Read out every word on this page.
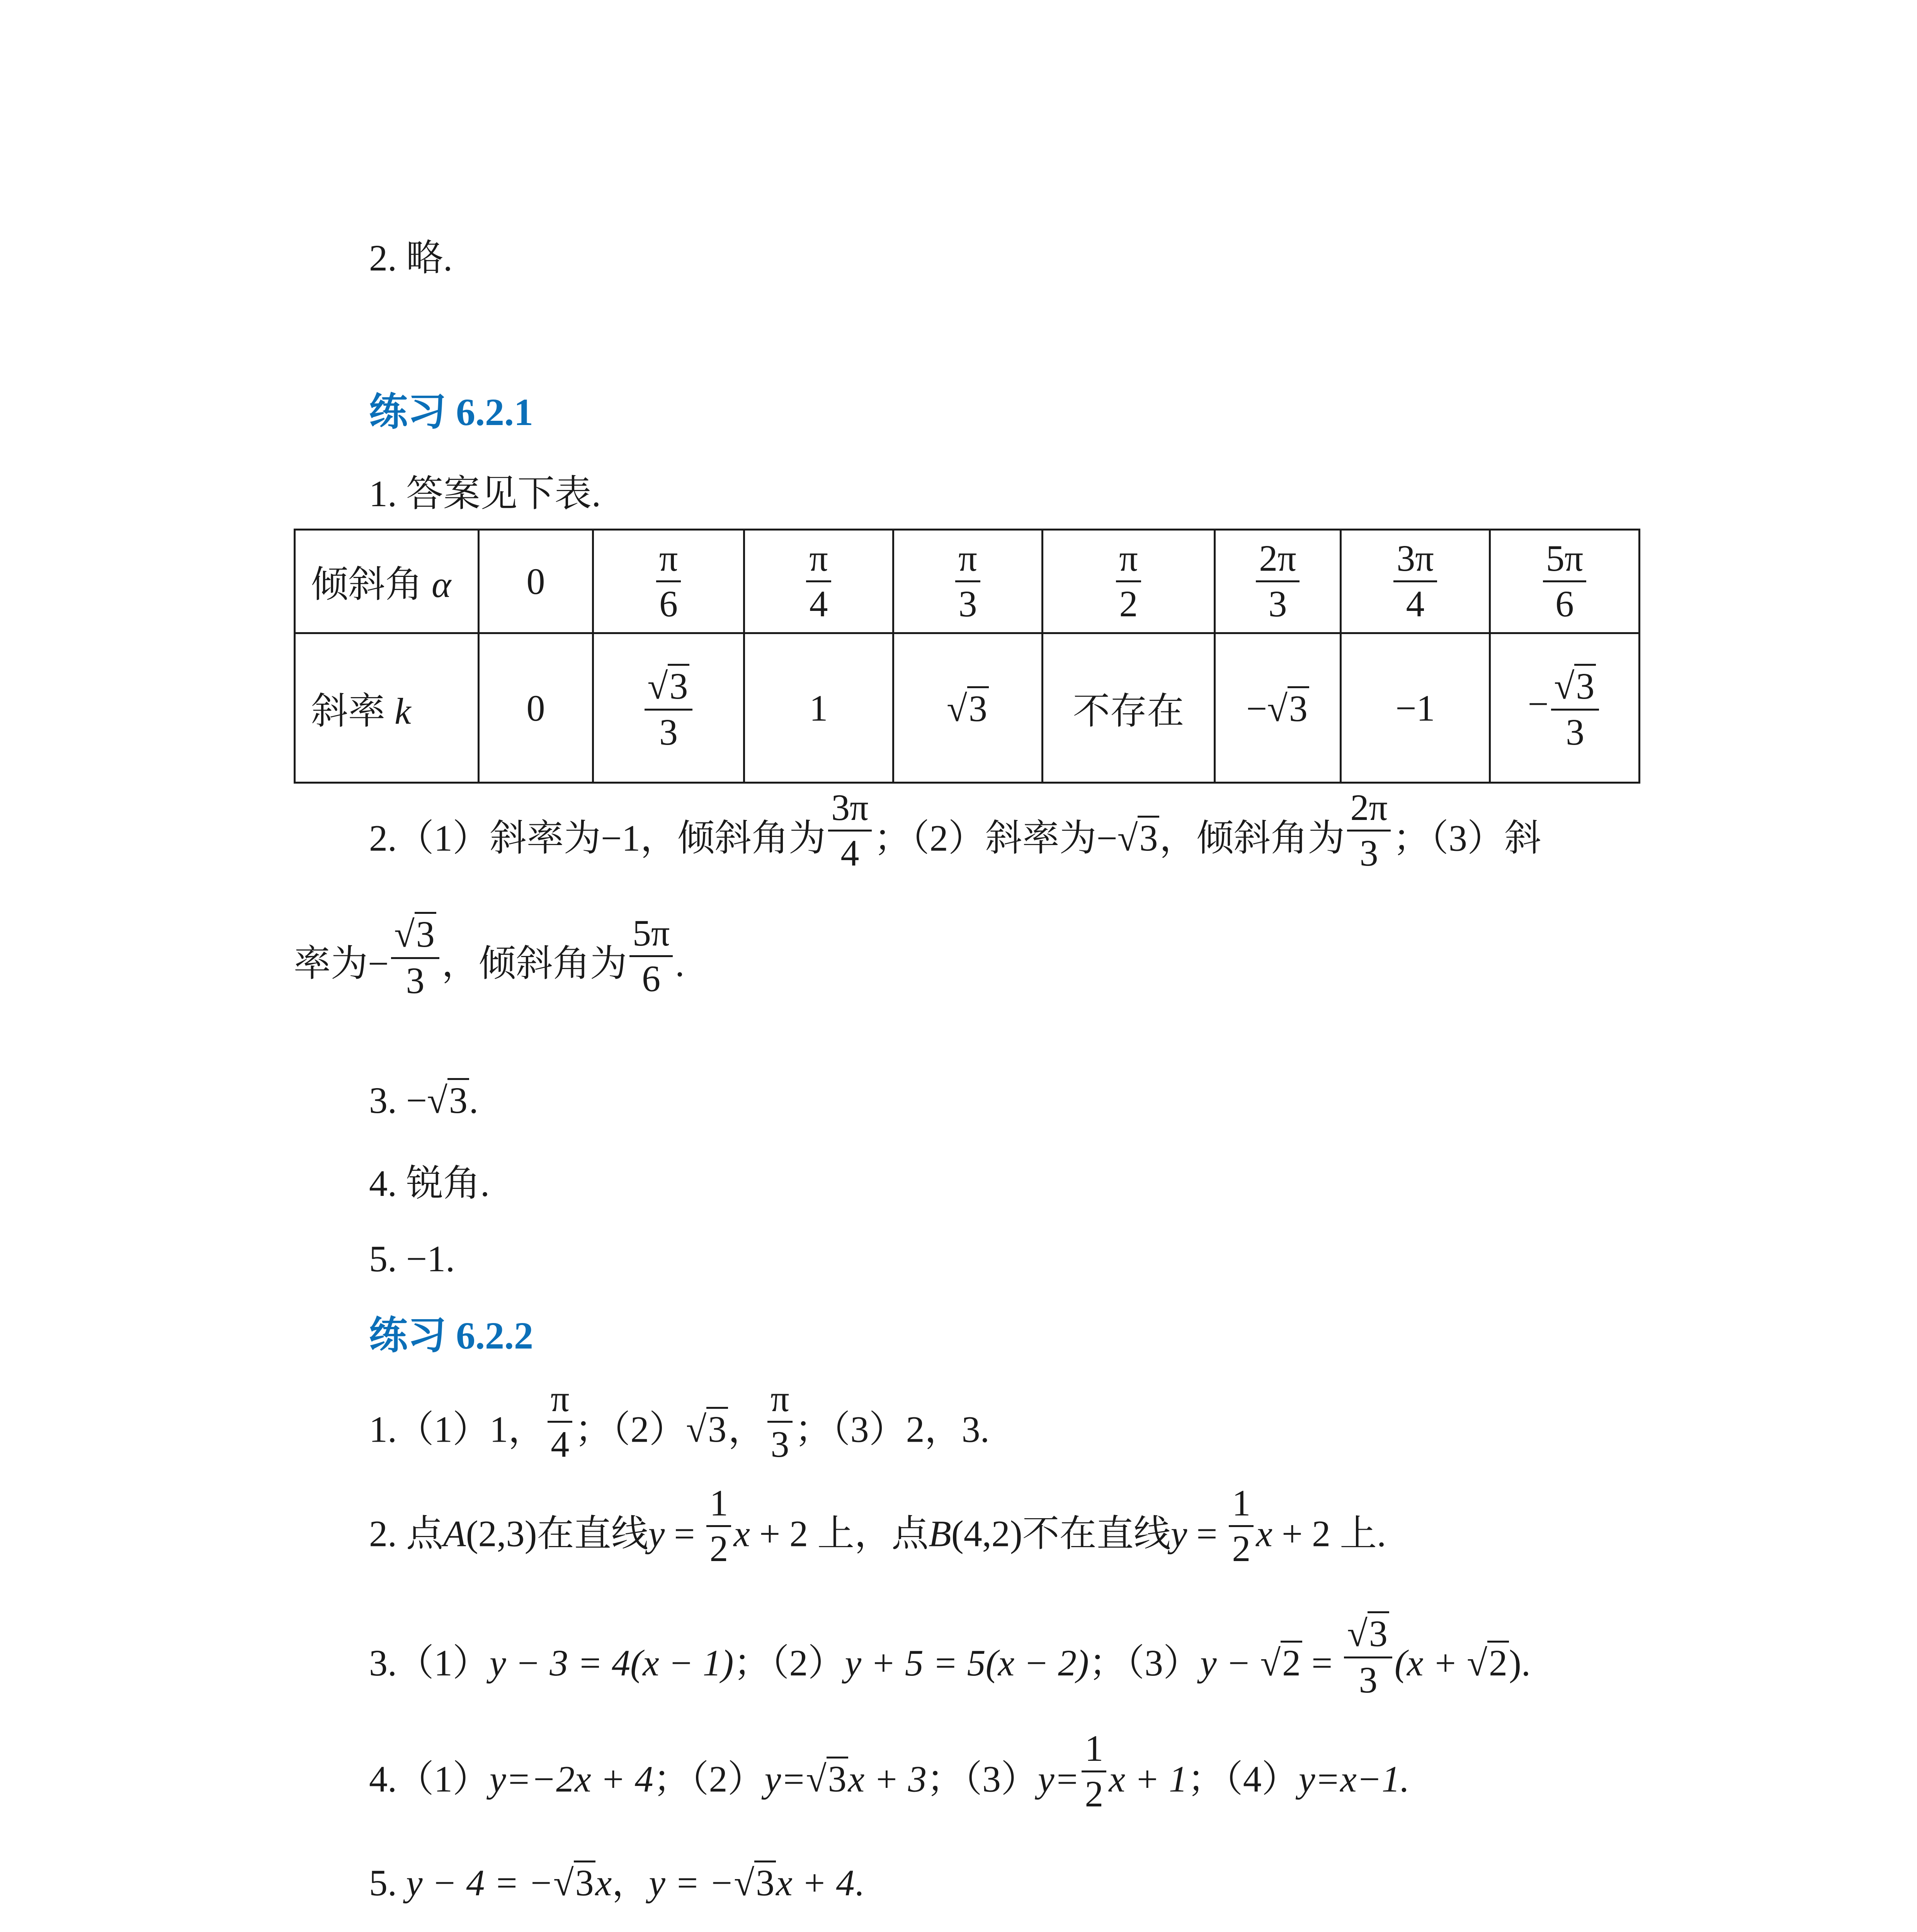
2. 略.
练习 6.2.1
1. 答案见下表.
倾斜角 α	0	$\frac{\pi}{6}$	$\frac{\pi}{4}$	$\frac{\pi}{3}$	$\frac{\pi}{2}$	$\frac{2\pi}{3}$	$\frac{3\pi}{4}$	$\frac{5\pi}{6}$

斜率 k	0	$\frac{√3}{3}$	1	√3	不存在	−√3	−1	− $\frac{√3}{3}$
2.（1）斜率为−1，倾斜角为 $\frac{3\pi}{4}$ ；（2）斜率为−√3，倾斜角为 $\frac{2\pi}{3}$ ；（3）斜
率为− $\frac{√3}{3}$ ，倾斜角为 $\frac{5\pi}{6}$ .
3. −√3.
4. 锐角.
5. −1.
练习 6.2.2
1.（1）1， $\frac{\pi}{4}$ ；（2）√3， $\frac{\pi}{3}$ ；（3）2，3.
2. 点A(2,3)在直线$y = \frac{1}{2}$ x + 2 上，点B(4,2)不在直线$y = \frac{1}{2}$ x + 2 上.
3.（1）y − 3 = 4(x − 1)；（2）y + 5 = 5(x − 2)；$(3)y - √2 = \frac{√3}{3} (x + √2)$.
4.（1）y=−2x + 4；（2）y=√3x + 3；$(3)y= \frac{1}{2}$ x + 1；（4）y=x−1.
5. y − 4 = −√3x，y = −√3x + 4.
